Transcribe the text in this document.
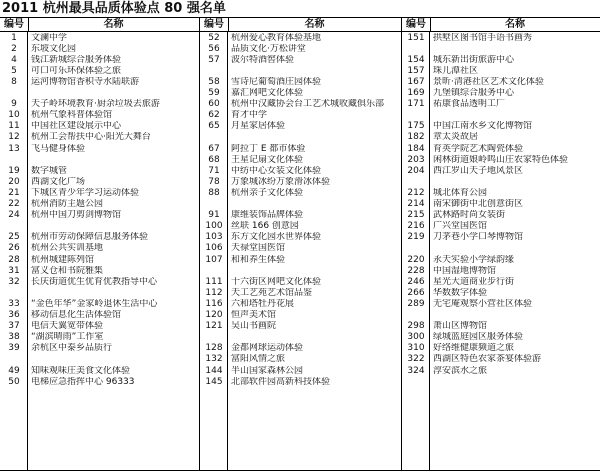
2011 杭州最具品质体验点 80 强名单
编号	名称
1	文澜中学
2	东坡文化园
4	钱江新城综合服务体验
5	可口可乐环保体验之旅
8	运河博物馆香积寺水陆联游
9	天子岭环境教育·厨余垃圾去旅游
10	杭州气象科普体验馆
11	中国社区建设展示中心
12	杭州工会帮扶中心·阳光大舞台
13	飞马健身体验
19	数字城管
20	西湖文化广场
21	下城区青少年学习运动体验
22	杭州消防主题公园
24	杭州中国刀剪剑博物馆
25	杭州市劳动保障信息服务体验
26	杭州公共实训基地
28	杭州城建陈列馆
31	富义仓和书院雅集
32	长庆街道优生优育优教指导中心
33	“金色年华”金家岭退休生活中心
36	移动信息化生活体验馆
37	电信天翼宽带体验
38	“湖滨晴雨”工作室
39	余杭区中泰乡品质行
49	知味观味庄美食文化体验
50	电梯应急指挥中心 96333
编号	名称
52	杭州爱心教育体验基地
56	品质文化·万松讲堂
57	波尔特酒窖体验
58	雪诗尼葡萄酒庄园体验
59	嘉汇网吧文化体验
60	杭州中汉藏协会台工艺术城收藏俱乐部
62	育才中学
65	月星家居体验
67	阿拉丁 E 都市体验
68	王星记扇文化体验
71	中纺中心女装文化体验
78	万象城冰纷万象滑冰体验
88	杭州亲子文化体验
91	康维装饰品牌体验
100 丝联 166 创意园
103 东方文化园水世界体验
106 天禄堂国医馆
107 和和养生体验
111 十六街区网吧文化体验
112 天工艺苑艺术馆品鉴
116 六和塔牡丹花展
120 恒声美术馆
121 吴山书画院
128 金都网球运动体验
132 富阳风情之旅
144 半山国家森林公园
145 北部软件园高新科技体验
编号	名称
151 拱墅区图书馆手语书画秀
154 城东新出街旅游中心
157 珠儿潭社区
167 景昕·清港社区艺术文化体验
169 九堡镇综合服务中心
171 祐康食品透明工厂
175 中国江南水乡文化博物馆
182 章太炎故居
184 育英学院艺术陶瓷体验
203 闲林街道娘岭鸣山庄农家特色体验
204 西江罗山天子地风景区
212 城北体育公园
214 南宋御街中北创意街区
215 武林路时尚女装街
216 广兴堂国医馆
219 刀茅巷小学口琴博物馆
220 永天实验小学绿韵缘
228 中国湿地博物馆
246 星光大道商业步行街
266 华数数字体验
289 无宅庵观察小营社区体验
298 萧山区博物馆
300 绿城蓝庭园区服务体验
310 好络维健康频道之旅
322 西湖区特色农家茶宴体验游
324 淳安滨水之旅
